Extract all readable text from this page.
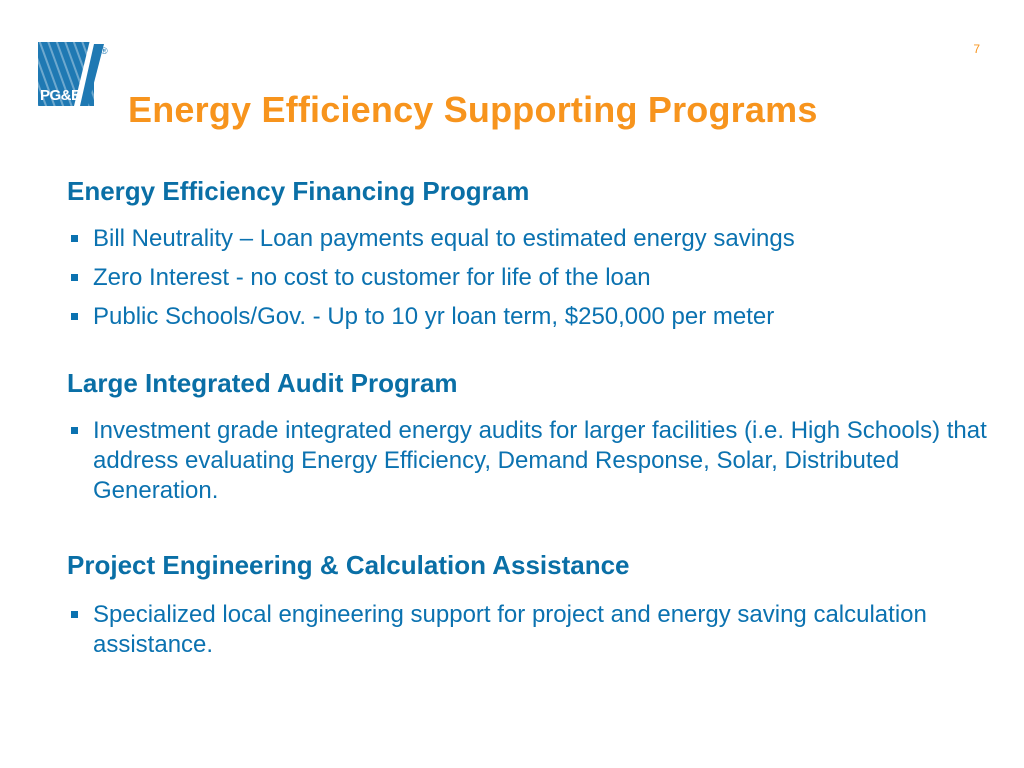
®
PG&E
7
Energy Efficiency Supporting Programs
Energy Efficiency Financing Program
Bill Neutrality – Loan payments equal to estimated energy savings
Zero Interest - no cost to customer for life of the loan
Public Schools/Gov. - Up to 10 yr loan term, $250,000 per meter
Large Integrated Audit Program
Investment grade integrated energy audits for larger facilities (i.e. High Schools) that address evaluating Energy Efficiency, Demand Response, Solar, Distributed Generation.
Project Engineering & Calculation Assistance
Specialized local engineering support for project and energy saving calculation assistance.
